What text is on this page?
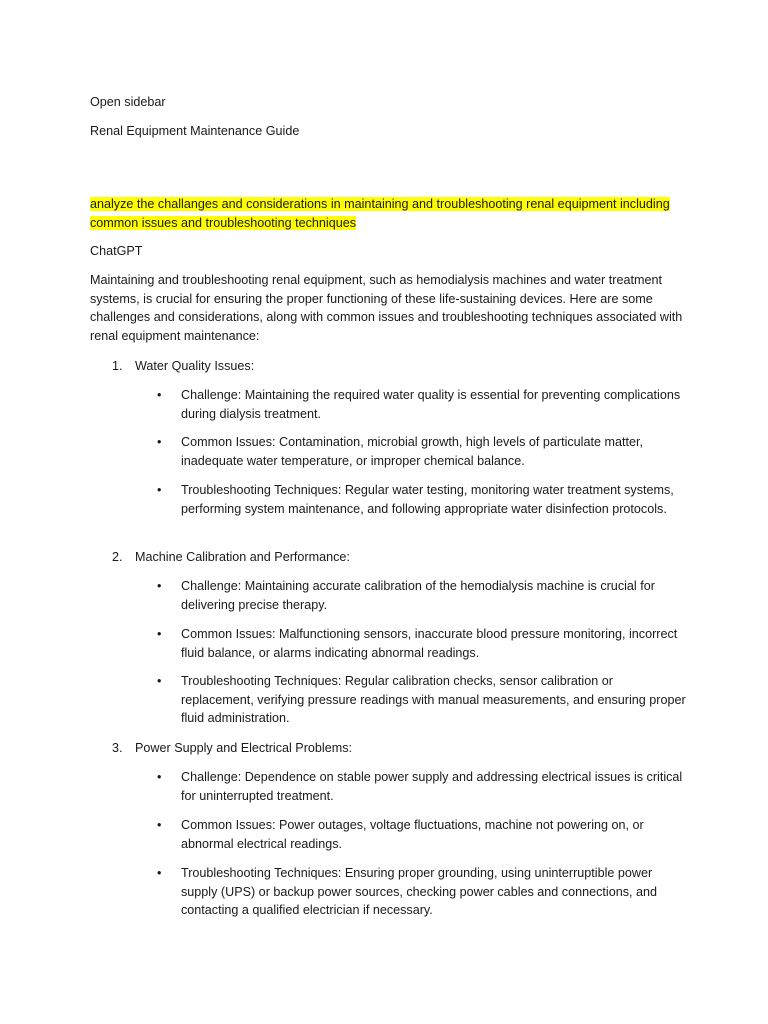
Open sidebar

Renal Equipment Maintenance Guide

analyze the challanges and considerations in maintaining and troubleshooting renal equipment including
common issues and troubleshooting techniques

ChatGPT

Maintaining and troubleshooting renal equipment, such as hemodialysis machines and water treatment systems, is crucial for ensuring the proper functioning of these life-sustaining devices. Here are some challenges and considerations, along with common issues and troubleshooting techniques associated with renal equipment maintenance:

1. Water Quality Issues:

•	Challenge: Maintaining the required water quality is essential for preventing complications during dialysis treatment.
•	Common Issues: Contamination, microbial growth, high levels of particulate matter, inadequate water temperature, or improper chemical balance.
•	Troubleshooting Techniques: Regular water testing, monitoring water treatment systems, performing system maintenance, and following appropriate water disinfection protocols.

2. Machine Calibration and Performance:

•	Challenge: Maintaining accurate calibration of the hemodialysis machine is crucial for delivering precise therapy.
•	Common Issues: Malfunctioning sensors, inaccurate blood pressure monitoring, incorrect fluid balance, or alarms indicating abnormal readings.
•	Troubleshooting Techniques: Regular calibration checks, sensor calibration or replacement, verifying pressure readings with manual measurements, and ensuring proper fluid administration.

3. Power Supply and Electrical Problems:

•	Challenge: Dependence on stable power supply and addressing electrical issues is critical for uninterrupted treatment.
•	Common Issues: Power outages, voltage fluctuations, machine not powering on, or abnormal electrical readings.
•	Troubleshooting Techniques: Ensuring proper grounding, using uninterruptible power supply (UPS) or backup power sources, checking power cables and connections, and contacting a qualified electrician if necessary.
